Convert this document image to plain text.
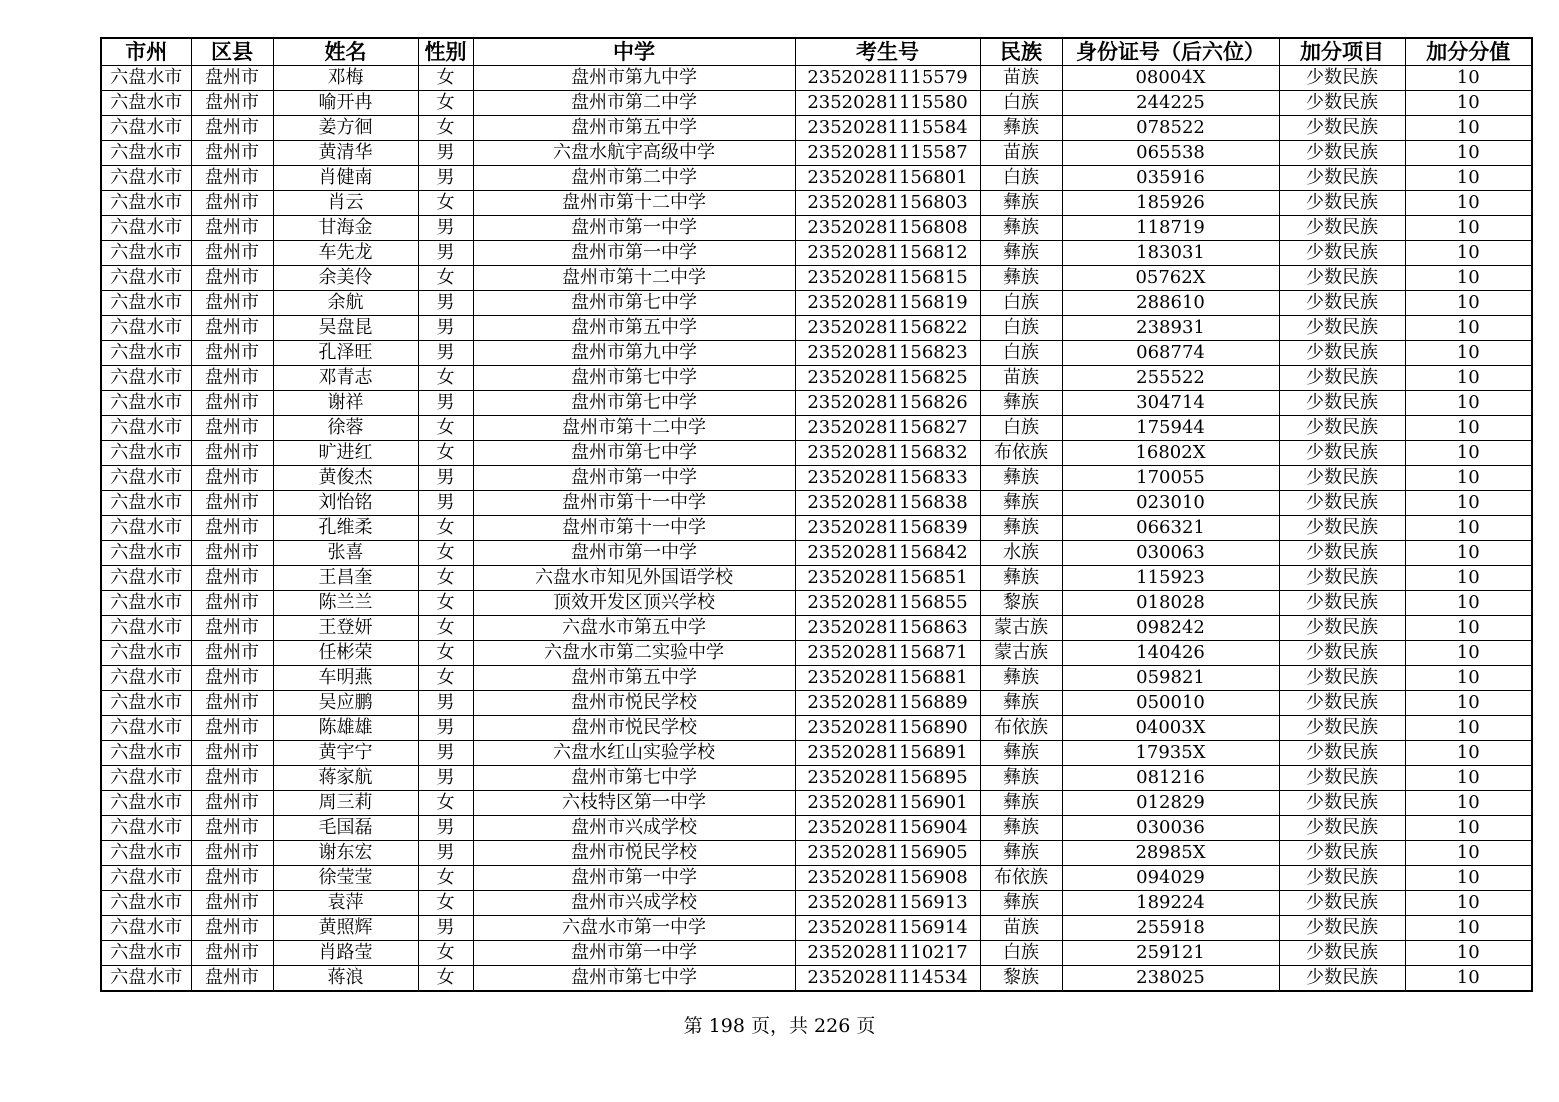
市州	区县	姓名	性别	中学	考生号	民族	身份证号（后六位）	加分项目	加分分值
六盘水市	盘州市	邓梅	女	盘州市第九中学	23520281115579	苗族	08004X	少数民族	10
六盘水市	盘州市	喻开冉	女	盘州市第二中学	23520281115580	白族	244225	少数民族	10
六盘水市	盘州市	姜方徊	女	盘州市第五中学	23520281115584	彝族	078522	少数民族	10
六盘水市	盘州市	黄清华	男	六盘水航宇高级中学	23520281115587	苗族	065538	少数民族	10
六盘水市	盘州市	肖健南	男	盘州市第二中学	23520281156801	白族	035916	少数民族	10
六盘水市	盘州市	肖云	女	盘州市第十二中学	23520281156803	彝族	185926	少数民族	10
六盘水市	盘州市	甘海金	男	盘州市第一中学	23520281156808	彝族	118719	少数民族	10
六盘水市	盘州市	车先龙	男	盘州市第一中学	23520281156812	彝族	183031	少数民族	10
六盘水市	盘州市	余美伶	女	盘州市第十二中学	23520281156815	彝族	05762X	少数民族	10
六盘水市	盘州市	余航	男	盘州市第七中学	23520281156819	白族	288610	少数民族	10
六盘水市	盘州市	吴盘昆	男	盘州市第五中学	23520281156822	白族	238931	少数民族	10
六盘水市	盘州市	孔泽旺	男	盘州市第九中学	23520281156823	白族	068774	少数民族	10
六盘水市	盘州市	邓青志	女	盘州市第七中学	23520281156825	苗族	255522	少数民族	10
六盘水市	盘州市	谢祥	男	盘州市第七中学	23520281156826	彝族	304714	少数民族	10
六盘水市	盘州市	徐蓉	女	盘州市第十二中学	23520281156827	白族	175944	少数民族	10
六盘水市	盘州市	旷进红	女	盘州市第七中学	23520281156832	布依族	16802X	少数民族	10
六盘水市	盘州市	黄俊杰	男	盘州市第一中学	23520281156833	彝族	170055	少数民族	10
六盘水市	盘州市	刘怡铭	男	盘州市第十一中学	23520281156838	彝族	023010	少数民族	10
六盘水市	盘州市	孔维柔	女	盘州市第十一中学	23520281156839	彝族	066321	少数民族	10
六盘水市	盘州市	张喜	女	盘州市第一中学	23520281156842	水族	030063	少数民族	10
六盘水市	盘州市	王昌奎	女	六盘水市知见外国语学校	23520281156851	彝族	115923	少数民族	10
六盘水市	盘州市	陈兰兰	女	顶效开发区顶兴学校	23520281156855	黎族	018028	少数民族	10
六盘水市	盘州市	王登妍	女	六盘水市第五中学	23520281156863	蒙古族	098242	少数民族	10
六盘水市	盘州市	任彬荣	女	六盘水市第二实验中学	23520281156871	蒙古族	140426	少数民族	10
六盘水市	盘州市	车明燕	女	盘州市第五中学	23520281156881	彝族	059821	少数民族	10
六盘水市	盘州市	吴应鹏	男	盘州市悦民学校	23520281156889	彝族	050010	少数民族	10
六盘水市	盘州市	陈雄雄	男	盘州市悦民学校	23520281156890	布依族	04003X	少数民族	10
六盘水市	盘州市	黄宇宁	男	六盘水红山实验学校	23520281156891	彝族	17935X	少数民族	10
六盘水市	盘州市	蒋家航	男	盘州市第七中学	23520281156895	彝族	081216	少数民族	10
六盘水市	盘州市	周三莉	女	六枝特区第一中学	23520281156901	彝族	012829	少数民族	10
六盘水市	盘州市	毛国磊	男	盘州市兴成学校	23520281156904	彝族	030036	少数民族	10
六盘水市	盘州市	谢东宏	男	盘州市悦民学校	23520281156905	彝族	28985X	少数民族	10
六盘水市	盘州市	徐莹莹	女	盘州市第一中学	23520281156908	布依族	094029	少数民族	10
六盘水市	盘州市	袁萍	女	盘州市兴成学校	23520281156913	彝族	189224	少数民族	10
六盘水市	盘州市	黄照辉	男	六盘水市第一中学	23520281156914	苗族	255918	少数民族	10
六盘水市	盘州市	肖路莹	女	盘州市第一中学	23520281110217	白族	259121	少数民族	10
六盘水市	盘州市	蒋浪	女	盘州市第七中学	23520281114534	黎族	238025	少数民族	10
第 198 页，共 226 页
